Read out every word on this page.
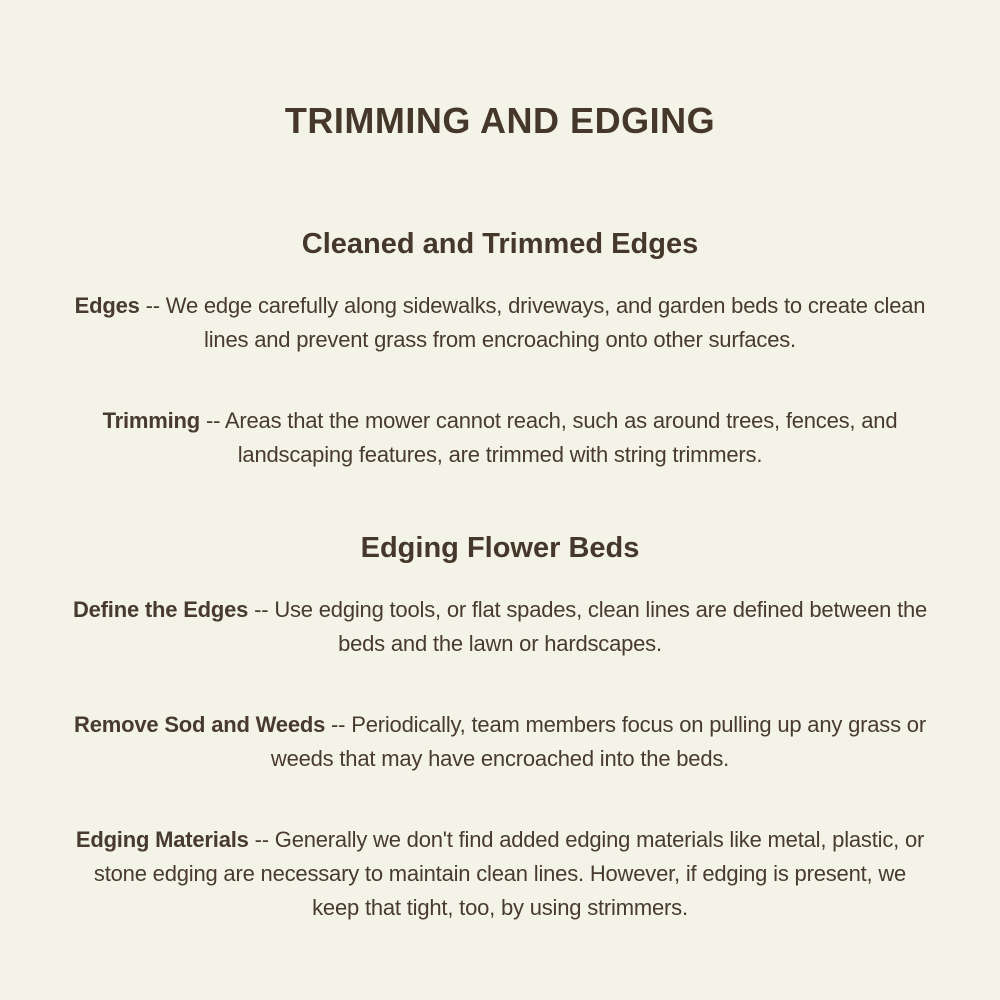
TRIMMING AND EDGING
Cleaned and Trimmed Edges

Edges -- We edge carefully along sidewalks, driveways, and garden beds to create clean lines and prevent grass from encroaching onto other surfaces.

Trimming -- Areas that the mower cannot reach, such as around trees, fences, and landscaping features, are trimmed with string trimmers.

Edging Flower Beds

Define the Edges -- Use edging tools, or flat spades, clean lines are defined between the beds and the lawn or hardscapes.

Remove Sod and Weeds -- Periodically, team members focus on pulling up any grass or weeds that may have encroached into the beds.

Edging Materials -- Generally we don't find added edging materials like metal, plastic, or stone edging are necessary to maintain clean lines. However, if edging is present, we keep that tight, too, by using strimmers.
